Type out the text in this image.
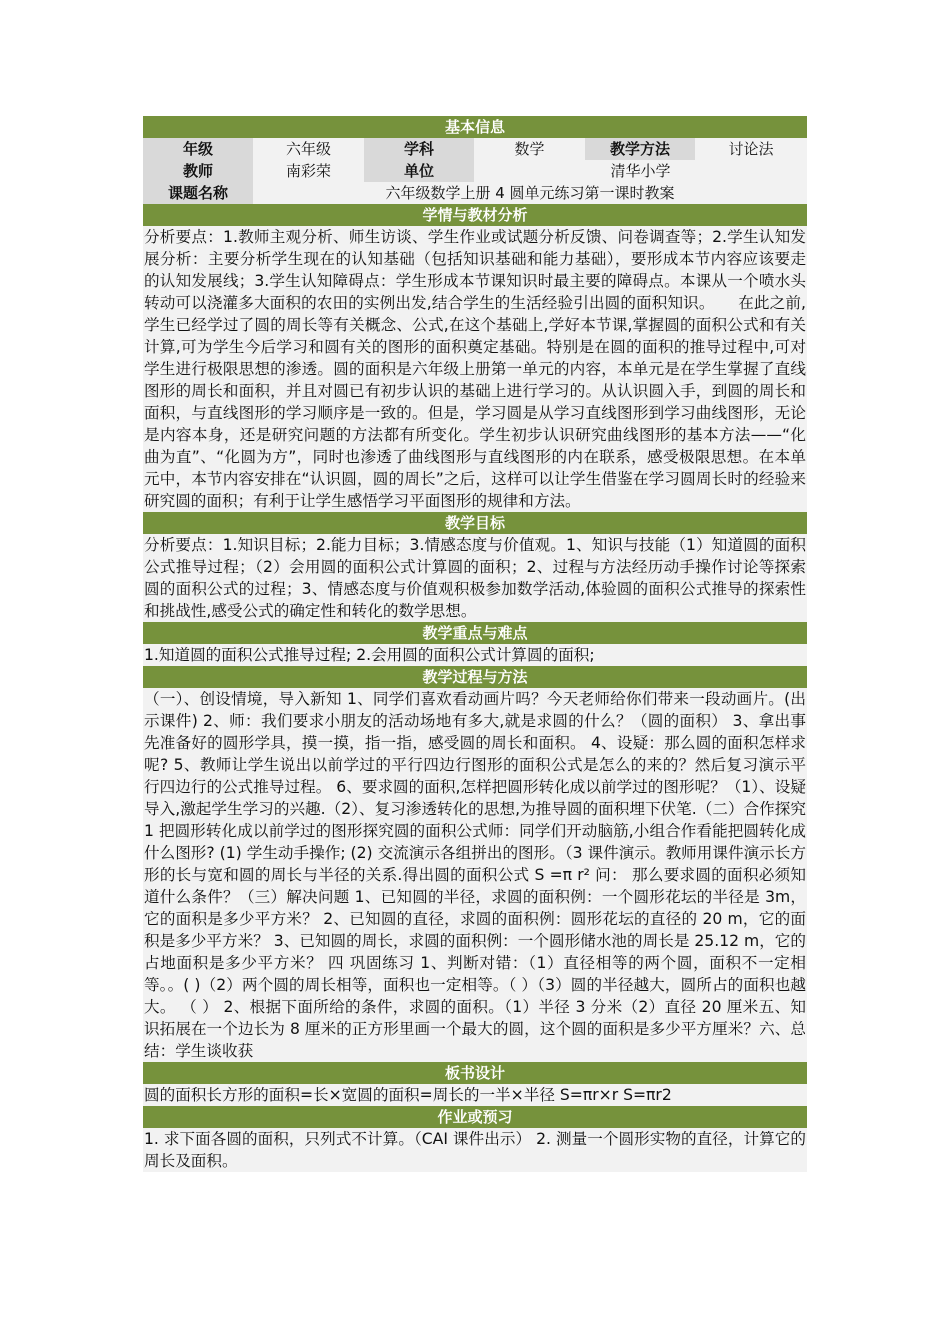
基本信息
年级	六年级	学科	数学	教学方法	讨论法
教师	南彩荣	单位	清华小学
课题名称	六年级数学上册 4 圆单元练习第一课时教案
学情与教材分析
分析要点：1.教师主观分析、师生访谈、学生作业或试题分析反馈、问卷调查等；2.学生认知发展分析：主要分析学生现在的认知基础（包括知识基础和能力基础），要形成本节内容应该要走的认知发展线；3.学生认知障碍点：学生形成本节课知识时最主要的障碍点。本课从一个喷水头转动可以浇灌多大面积的农田的实例出发,结合学生的生活经验引出圆的面积知识。　　在此之前,学生已经学过了圆的周长等有关概念、公式,在这个基础上,学好本节课,掌握圆的面积公式和有关计算,可为学生今后学习和圆有关的图形的面积奠定基础。特别是在圆的面积的推导过程中,可对学生进行极限思想的渗透。圆的面积是六年级上册第一单元的内容，本单元是在学生掌握了直线图形的周长和面积，并且对圆已有初步认识的基础上进行学习的。从认识圆入手，到圆的周长和面积，与直线图形的学习顺序是一致的。但是，学习圆是从学习直线图形到学习曲线图形，无论是内容本身，还是研究问题的方法都有所变化。学生初步认识研究曲线图形的基本方法——“化曲为直”、“化圆为方”，同时也渗透了曲线图形与直线图形的内在联系，感受极限思想。在本单元中，本节内容安排在“认识圆，圆的周长”之后，这样可以让学生借鉴在学习圆周长时的经验来研究圆的面积；有利于让学生感悟学习平面图形的规律和方法。
教学目标
分析要点：1.知识目标；2.能力目标；3.情感态度与价值观。1、知识与技能（1）知道圆的面积公式推导过程；（2）会用圆的面积公式计算圆的面积；2、过程与方法经历动手操作讨论等探索圆的面积公式的过程；3、情感态度与价值观积极参加数学活动,体验圆的面积公式推导的探索性和挑战性,感受公式的确定性和转化的数学思想。
教学重点与难点
1.知道圆的面积公式推导过程; 2.会用圆的面积公式计算圆的面积;
教学过程与方法
（一）、创设情境，导入新知 1、同学们喜欢看动画片吗？今天老师给你们带来一段动画片。(出示课件) 2、师：我们要求小朋友的活动场地有多大,就是求圆的什么？（圆的面积） 3、拿出事先准备好的圆形学具，摸一摸，指一指，感受圆的周长和面积。 4、设疑：那么圆的面积怎样求呢? 5、教师让学生说出以前学过的平行四边行图形的面积公式是怎么的来的？然后复习演示平行四边行的公式推导过程。 6、要求圆的面积,怎样把圆形转化成以前学过的图形呢？（1）、设疑导入,激起学生学习的兴趣.（2）、复习渗透转化的思想,为推导圆的面积埋下伏笔.（二）合作探究 1 把圆形转化成以前学过的图形探究圆的面积公式师：同学们开动脑筋,小组合作看能把圆转化成什么图形? (1) 学生动手操作; (2) 交流演示各组拼出的图形。（3 课件演示。教师用课件演示长方形的长与宽和圆的周长与半径的关系.得出圆的面积公式 S =π r² 问： 那么要求圆的面积必须知道什么条件？（三）解决问题 1、已知圆的半径，求圆的面积例：一个圆形花坛的半径是 3m，它的面积是多少平方米？ 2、已知圆的直径，求圆的面积例：圆形花坛的直径的 20 m，它的面积是多少平方米？ 3、已知圆的周长，求圆的面积例：一个圆形储水池的周长是 25.12 m，它的占地面积是多少平方米？ 四 巩固练习 1、判断对错：（1）直径相等的两个圆，面积不一定相等。。( )（2）两个圆的周长相等，面积也一定相等。（ ）（3）圆的半径越大，圆所占的面积也越大。 （ ） 2、根据下面所给的条件，求圆的面积。（1）半径 3 分米（2）直径 20 厘米五、知识拓展在一个边长为 8 厘米的正方形里画一个最大的圆，这个圆的面积是多少平方厘米？六、总结：学生谈收获
板书设计
圆的面积长方形的面积=长×宽圆的面积=周长的一半×半径 S=πr×r S=πr2
作业或预习
1. 求下面各圆的面积，只列式不计算。（CAI 课件出示） 2. 测量一个圆形实物的直径，计算它的周长及面积。
